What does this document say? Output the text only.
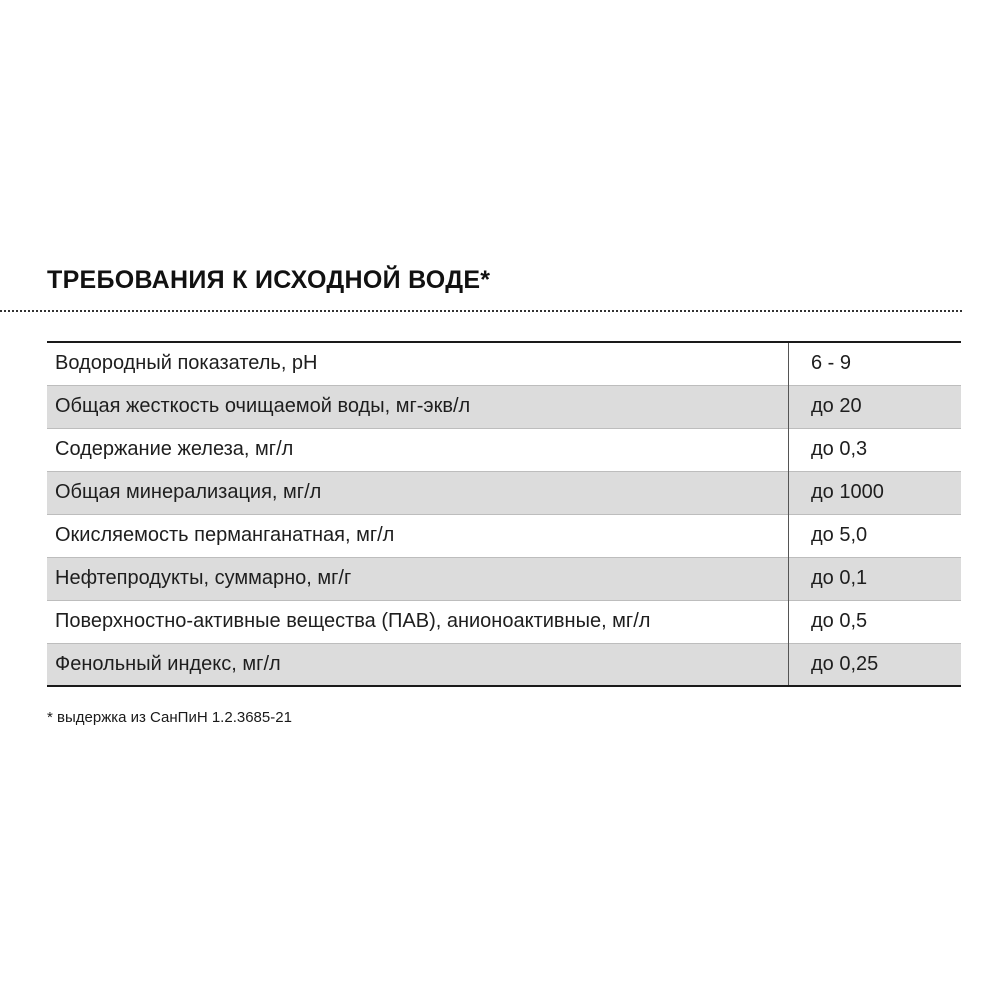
ТРЕБОВАНИЯ К ИСХОДНОЙ ВОДЕ*
Водородный показатель, pH	6 - 9
Общая жесткость очищаемой воды, мг-экв/л	до 20
Содержание железа, мг/л	до 0,3
Общая минерализация, мг/л	до 1000
Окисляемость перманганатная, мг/л	до 5,0
Нефтепродукты, суммарно, мг/г	до 0,1
Поверхностно-активные вещества (ПАВ), анионоактивные, мг/л	до 0,5
Фенольный индекс, мг/л	до 0,25
* выдержка из СанПиН 1.2.3685-21
